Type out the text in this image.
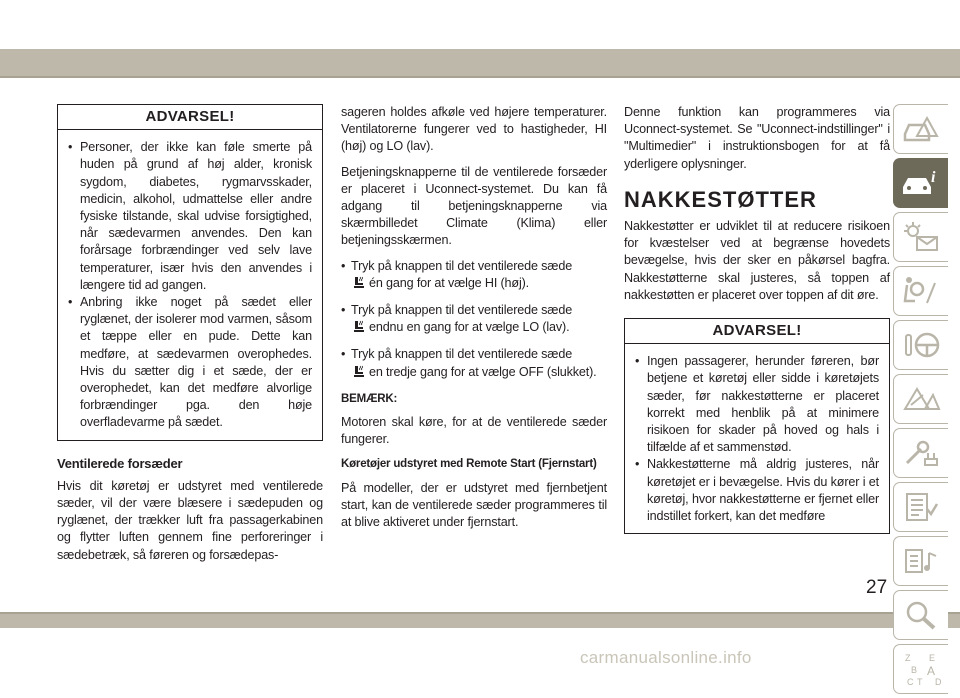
ADVARSEL!
• Personer, der ikke kan føle smerte på huden på grund af høj alder, kronisk sygdom, diabetes, rygmarvsskader, medicin, alkohol, udmattelse eller andre fysiske tilstande, skal udvise forsigtighed, når sædevarmen anvendes. Den kan forårsage forbrændinger ved selv lave temperaturer, især hvis den anvendes i længere tid ad gangen.
• Anbring ikke noget på sædet eller ryglænet, der isolerer mod varmen, såsom et tæppe eller en pude. Dette kan medføre, at sædevarmen overophedes. Hvis du sætter dig i et sæde, der er overophedet, kan det medføre alvorlige forbrændinger pga. den høje overfladevarme på sædet.
Ventilerede forsæder

Hvis dit køretøj er udstyret med ventilerede sæder, vil der være blæsere i sædepuden og ryglænet, der trækker luft fra passagerkabinen og flytter luften gennem fine perforeringer i sædebetræk, så føreren og forsædepas-

sageren holdes afkøle ved højere temperaturer. Ventilatorerne fungerer ved to hastigheder, HI (høj) og LO (lav).

Betjeningsknapperne til de ventilerede forsæder er placeret i Uconnect-systemet. Du kan få adgang til betjeningsknapperne via skærmbilledet Climate (Klima) eller betjeningsskærmen.

• Tryk på knappen til det ventilerede sæde
én gang for at vælge HI (høj).
• Tryk på knappen til det ventilerede sæde
endnu en gang for at vælge LO (lav).
• Tryk på knappen til det ventilerede sæde
en tredje gang for at vælge OFF (slukket).
BEMÆRK:

Motoren skal køre, for at de ventilerede sæder fungerer.

Køretøjer udstyret med Remote Start (Fjernstart)

På modeller, der er udstyret med fjernbetjent start, kan de ventilerede sæder programmeres til at blive aktiveret under fjernstart.

Denne funktion kan programmeres via Uconnect-systemet. Se "Uconnect-indstillinger" i "Multimedier" i instruktionsbogen for at få yderligere oplysninger.

NAKKESTØTTER

Nakkestøtter er udviklet til at reducere risikoen for kvæstelser ved at begrænse hovedets bevægelse, hvis der sker en påkørsel bagfra. Nakkestøtterne skal justeres, så toppen af nakkestøtten er placeret over toppen af dit øre.

ADVARSEL!
• Ingen passagerer, herunder føreren, bør betjene et køretøj eller sidde i køretøjets sæder, før nakkestøtterne er placeret korrekt med henblik på at minimere risikoen for skader på hoved og hals i tilfælde af et sammenstød.
• Nakkestøtterne må aldrig justeres, når køretøjet er i bevægelse. Hvis du kører i et køretøj, hvor nakkestøtterne er fjernet eller indstillet forkert, kan det medføre
i
Z E
B A
C T D
27
carmanualsonline.info
